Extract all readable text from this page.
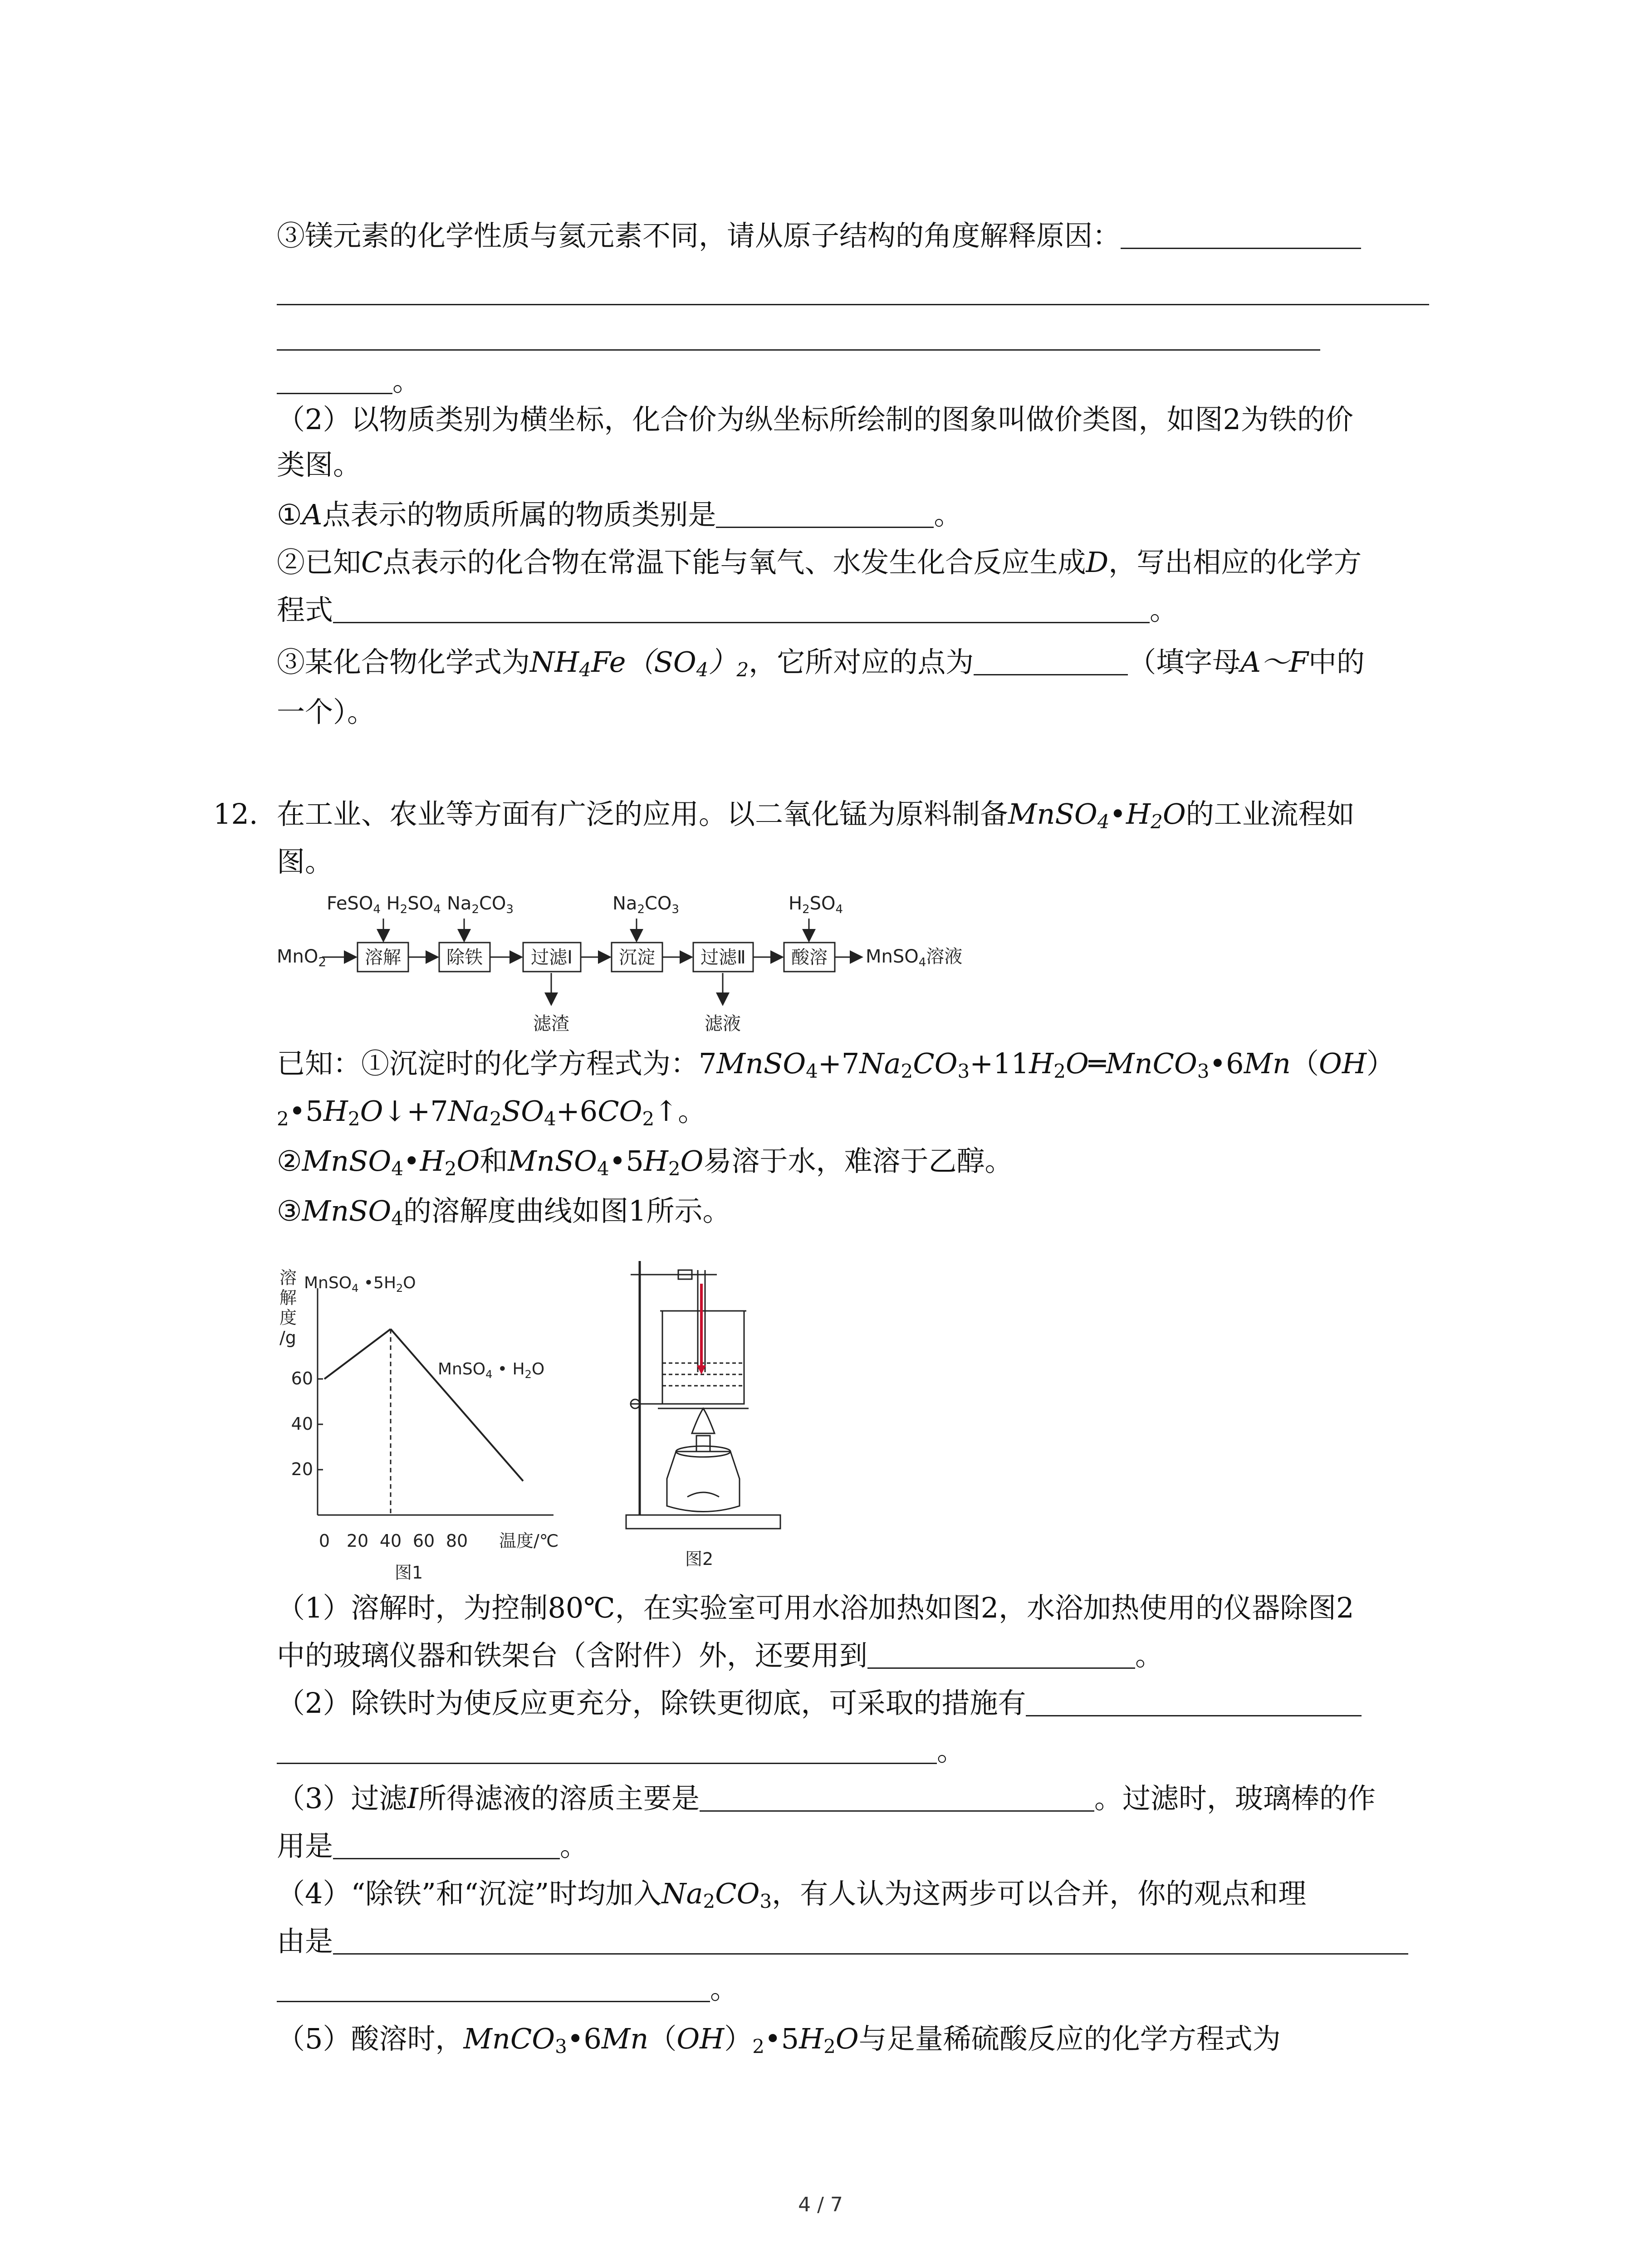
③镁元素的化学性质与氦元素不同，请从原子结构的角度解释原因：
。
（2）以物质类别为横坐标，化合价为纵坐标所绘制的图象叫做价类图，如图2为铁的价
类图。
①A点表示的物质所属的物质类别是	。
②已知C点表示的化合物在常温下能与氧气、水发生化合反应生成D，写出相应的化学方
程式	。
③某化合物化学式为$NH_4Fe(SO_4)_2$，它所对应的点为	（填字母A～F中的
一个）。
12. 在工业、农业等方面有广泛的应用。以二氧化锰为原料制备$MnSO_4•H_2O$的工业流程如
图。
MnO$_2$
FeSO$_4$ $H_2SO_4$ $Na_2CO_3$	$Na_2CO_3$	$H_2SO_4$
溶解	除铁	过滤Ⅰ	沉淀	过滤Ⅱ	酸溶
滤渣	滤液
MnSO$_4$溶液
已知：①沉淀时的化学方程式为：$7MnSO_4+7Na_2CO_3+11H_2O═MnCO_3•6Mn(OH)$
$_2•5H_2O↓+7Na_2SO_4+6CO_2↑$。
$②MnSO_4•H_2O$和$MnSO_4•5H_2O$易溶于水，难溶于乙醇。
③MnSO$_4$的溶解度曲线如图1所示。
溶
解
度
/g
0 20 40 60 80
20
40
60
MnSO$_4$ $•5H_2O$
MnSO$_4$ • $H_2O$
温度/℃
图1
图2
（1）溶解时，为控制80℃，在实验室可用水浴加热如图2，水浴加热使用的仪器除图2
中的玻璃仪器和铁架台（含附件）外，还要用到	。
（2）除铁时为使反应更充分，除铁更彻底，可采取的措施有
。
（3）过滤I所得滤液的溶质主要是	。过滤时，玻璃棒的作
用是	。
（4）“除铁”和“沉淀”时均加入$Na_2CO_3$，有人认为这两步可以合并，你的观点和理
由是
。
（5）酸溶时，$MnCO_3•6Mn(OH)_2•5H_2O$与足量稀硫酸反应的化学方程式为
4 / 7
